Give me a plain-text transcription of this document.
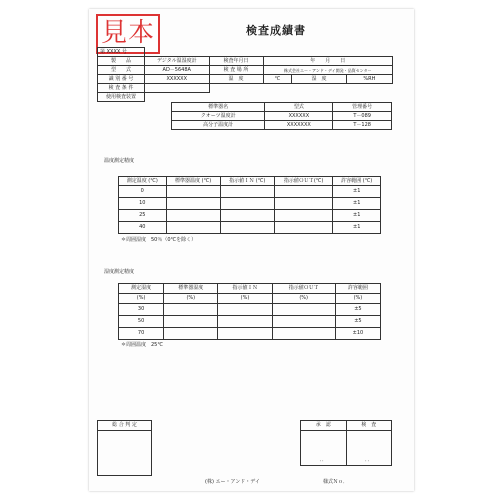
見本	検査成績書
第 XXXX 号					
製　　品	デジタル温湿度計	検査年月日	年　　月　　日		
型　　式	AD－5648A	検 査 場 所	株式会社エー・アンド・デイ開発・品質センター		
識 別 番 号	XXXXXX	温　度	℃	湿　度	%RH
検 査 条 件					
使用検査装置					
標準器名	型式	管理番号
クオーツ温度計	XXXXXX	T－089
高分子温度計	XXXXXXX	T－128
温度測定精度
測定温度 (℃)	標準器温度 (℃)	指示値ＩＮ (℃)	指示値ＯＵＴ(℃)	許容範囲 (℃)
0				±1
10				±1
25				±1
40				±1
＊周囲湿度　50％（0℃を除く）
湿度測定精度
測定湿度	標準器湿度	指示値ＩＮ	指示値ＯＵＴ	許容範囲
(%)	(%)	(%)	(%)	(%)
30				±5
50				±5
70				±10
＊周囲温度　25℃
総 合 判 定	承　認	検　査
．．	．．
(株) エー・アンド・デイ	様式Ｎｏ．
